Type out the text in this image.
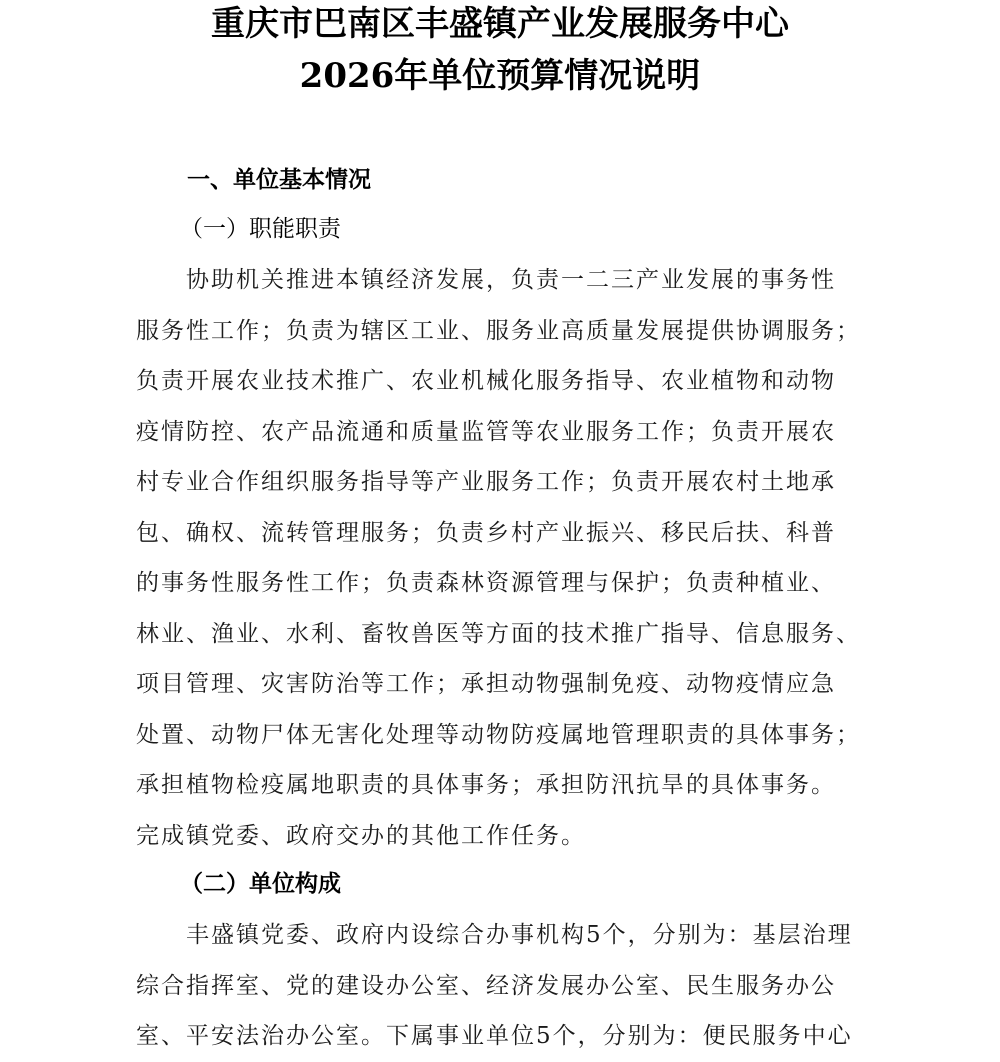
重庆市巴南区丰盛镇产业发展服务中心
2026年单位预算情况说明
一、单位基本情况
（一）职能职责
协助机关推进本镇经济发展，负责一二三产业发展的事务性
服务性工作；负责为辖区工业、服务业高质量发展提供协调服务；
负责开展农业技术推广、农业机械化服务指导、农业植物和动物
疫情防控、农产品流通和质量监管等农业服务工作；负责开展农
村专业合作组织服务指导等产业服务工作；负责开展农村土地承
包、确权、流转管理服务；负责乡村产业振兴、移民后扶、科普
的事务性服务性工作；负责森林资源管理与保护；负责种植业、
林业、渔业、水利、畜牧兽医等方面的技术推广指导、信息服务、
项目管理、灾害防治等工作；承担动物强制免疫、动物疫情应急
处置、动物尸体无害化处理等动物防疫属地管理职责的具体事务；
承担植物检疫属地职责的具体事务；承担防汛抗旱的具体事务。
完成镇党委、政府交办的其他工作任务。
（二）单位构成
丰盛镇党委、政府内设综合办事机构5个，分别为：基层治理
综合指挥室、党的建设办公室、经济发展办公室、民生服务办公
室、平安法治办公室。下属事业单位5个，分别为：便民服务中心
